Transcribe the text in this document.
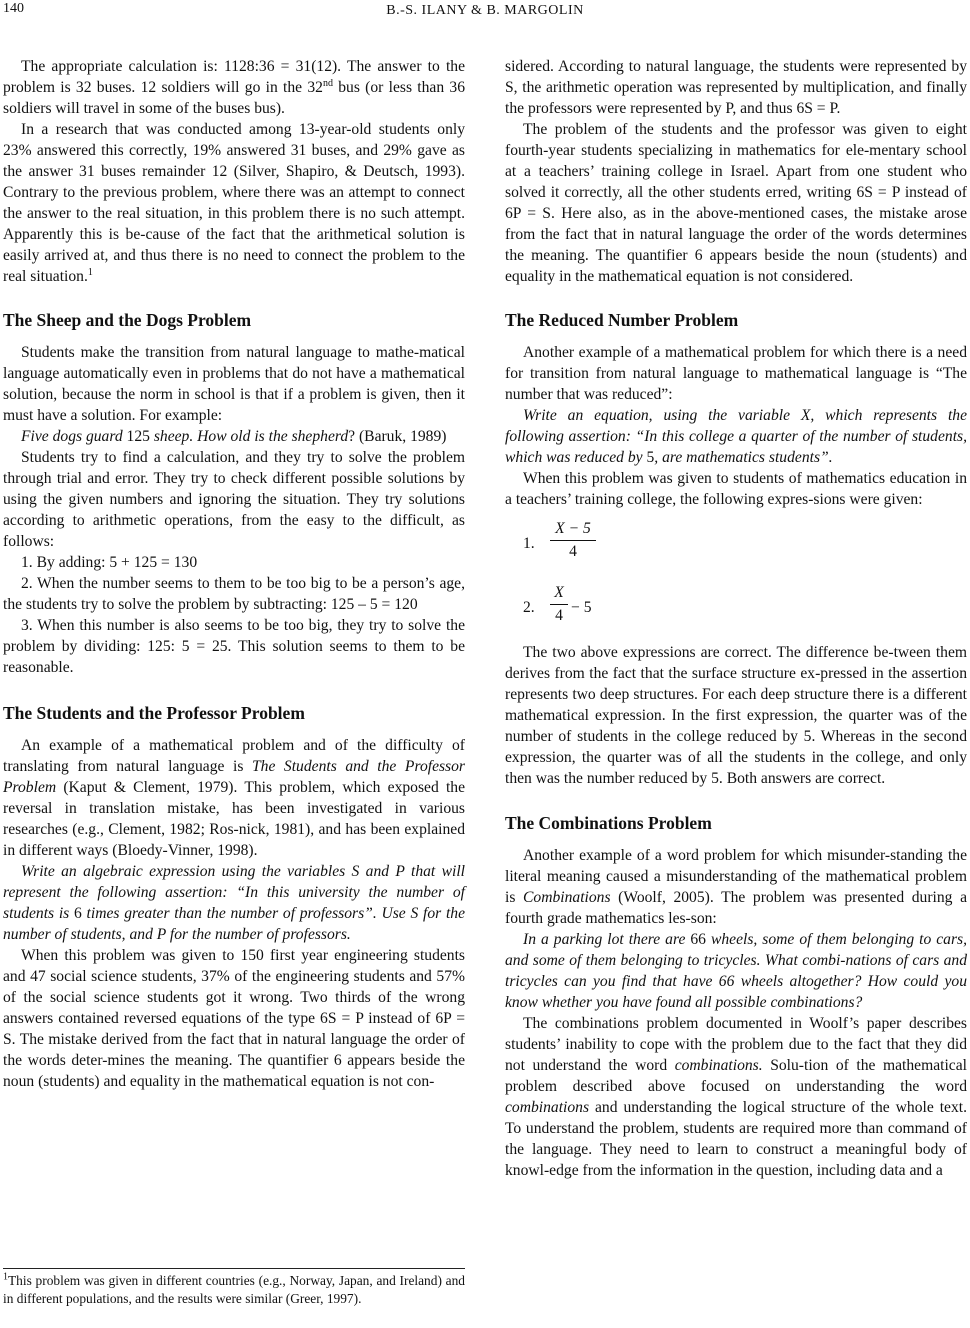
140	B.-S. ILANY & B. MARGOLIN

The appropriate calculation is: 1128:36 = 31(12). The answer to the problem is 32 buses. 12 soldiers will go in the 32nd bus (or less than 36 soldiers will travel in some of the buses bus).

In a research that was conducted among 13-year-old students only 23% answered this correctly, 19% answered 31 buses, and 29% gave as the answer 31 buses remainder 12 (Silver, Shapiro, & Deutsch, 1993). Contrary to the previous problem, where there was an attempt to connect the answer to the real situation, in this problem there is no such attempt. Apparently this is be-cause of the fact that the arithmetical solution is easily arrived at, and thus there is no need to connect the problem to the real situation.$^1$

The Sheep and the Dogs Problem

Students make the transition from natural language to mathe-matical language automatically even in problems that do not have a mathematical solution, because the norm in school is that if a problem is given, then it must have a solution. For example:

Five dogs guard 125 sheep. How old is the shepherd? (Baruk, 1989)

Students try to find a calculation, and they try to solve the problem through trial and error. They try to check different possible solutions by using the given numbers and ignoring the situation. They try solutions according to arithmetic operations, from the easy to the difficult, as follows:

1. By adding: 5 + 125 = 130

2. When the number seems to them to be too big to be a person’s age, the students try to solve the problem by subtracting: 125 – 5 = 120

3. When this number is also seems to be too big, they try to solve the problem by dividing: 125: 5 = 25. This solution seems to them to be reasonable.

The Students and the Professor Problem

An example of a mathematical problem and of the difficulty of translating from natural language is The Students and the Professor Problem (Kaput & Clement, 1979). This problem, which exposed the reversal in translation mistake, has been investigated in various researches (e.g., Clement, 1982; Ros-nick, 1981), and has been explained in different ways (Bloedy-Vinner, 1998).

Write an algebraic expression using the variables S and P that will represent the following assertion: “In this university the number of students is 6 times greater than the number of professors”. Use S for the number of students, and P for the number of professors.

When this problem was given to 150 first year engineering students and 47 social science students, 37% of the engineering students and 57% of the social science students got it wrong. Two thirds of the wrong answers contained reversed equations of the type 6S = P instead of 6P = S. The mistake derived from the fact that in natural language the order of the words deter-mines the meaning. The quantifier 6 appears beside the noun (students) and equality in the mathematical equation is not con-

$^1$This problem was given in different countries (e.g., Norway, Japan, and Ireland) and in different populations, and the results were similar (Greer, 1997).

sidered. According to natural language, the students were represented by S, the arithmetic operation was represented by multiplication, and finally the professors were represented by P, and thus 6S = P.

The problem of the students and the professor was given to eight fourth-year students specializing in mathematics for ele-mentary school at a teachers’ training college in Israel. Apart from one student who solved it correctly, all the other students erred, writing 6S = P instead of 6P = S. Here also, as in the above-mentioned cases, the mistake arose from the fact that in natural language the order of the words determines the meaning. The quantifier 6 appears beside the noun (students) and equality in the mathematical equation is not considered.

The Reduced Number Problem

Another example of a mathematical problem for which there is a need for transition from natural language to mathematical language is “The number that was reduced”:

Write an equation, using the variable X, which represents the following assertion: “In this college a quarter of the number of students, which was reduced by 5, are mathematics students”.

When this problem was given to students of mathematics education in a teachers’ training college, the following expres-sions were given:

1.
X − 5
4
2.
X
4 − 5

The two above expressions are correct. The difference be-tween them derives from the fact that the surface structure ex-pressed in the assertion represents two deep structures. For each deep structure there is a different mathematical expression. In the first expression, the quarter was of the number of students in the college reduced by 5. Whereas in the second expression, the quarter was of all the students in the college, and only then was the number reduced by 5. Both answers are correct.

The Combinations Problem

Another example of a word problem for which misunder-standing the literal meaning caused a misunderstanding of the mathematical problem is Combinations (Woolf, 2005). The problem was presented during a fourth grade mathematics les-son:

In a parking lot there are 66 wheels, some of them belonging to cars, and some of them belonging to tricycles. What combi-nations of cars and tricycles can you find that have 66 wheels altogether? How could you know whether you have found all possible combinations?

The combinations problem documented in Woolf’s paper describes students’ inability to cope with the problem due to the fact that they did not understand the word combinations. Solu-tion of the mathematical problem described above focused on understanding the word combinations and understanding the logical structure of the whole text. To understand the problem, students are required more than command of the language. They need to learn to construct a meaningful body of knowl-edge from the information in the question, including data and a
